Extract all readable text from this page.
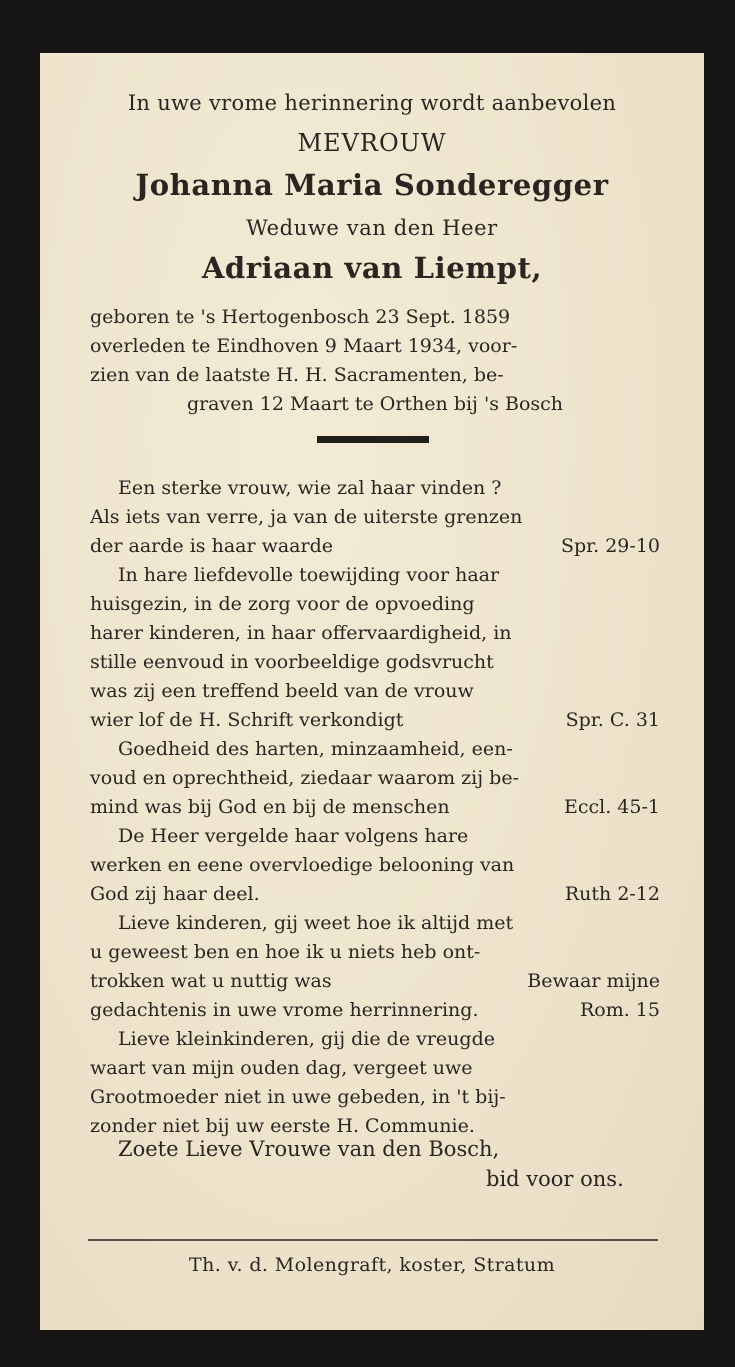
In uwe vrome herinnering wordt aanbevolen
MEVROUW
Johanna Maria Sonderegger
Weduwe van den Heer
Adriaan van Liempt,
geboren te 's Hertogenbosch 23 Sept. 1859
overleden te Eindhoven 9 Maart 1934, voor-
zien van de laatste H. H. Sacramenten, be-
graven 12 Maart te Orthen bij 's Bosch
Een sterke vrouw, wie zal haar vinden ?
Als iets van verre, ja van de uiterste grenzen
der aarde is haar waarde	Spr. 29-10
In hare liefdevolle toewijding voor haar
huisgezin, in de zorg voor de opvoeding
harer kinderen, in haar offervaardigheid, in
stille eenvoud in voorbeeldige godsvrucht
was zij een treffend beeld van de vrouw
wier lof de H. Schrift verkondigt	Spr. C. 31
Goedheid des harten, minzaamheid, een-
voud en oprechtheid, ziedaar waarom zij be-
mind was bij God en bij de menschen	Eccl. 45-1
De Heer vergelde haar volgens hare
werken en eene overvloedige belooning van
God zij haar deel.	Ruth 2-12
Lieve kinderen, gij weet hoe ik altijd met
u geweest ben en hoe ik u niets heb ont-
trokken wat u nuttig was	Bewaar mijne
gedachtenis in uwe vrome herrinnering.	Rom. 15
Lieve kleinkinderen, gij die de vreugde
waart van mijn ouden dag, vergeet uwe
Grootmoeder niet in uwe gebeden, in 't bij-
zonder niet bij uw eerste H. Communie.
Zoete Lieve Vrouwe van den Bosch,
bid voor ons.
Th. v. d. Molengraft, koster, Stratum
